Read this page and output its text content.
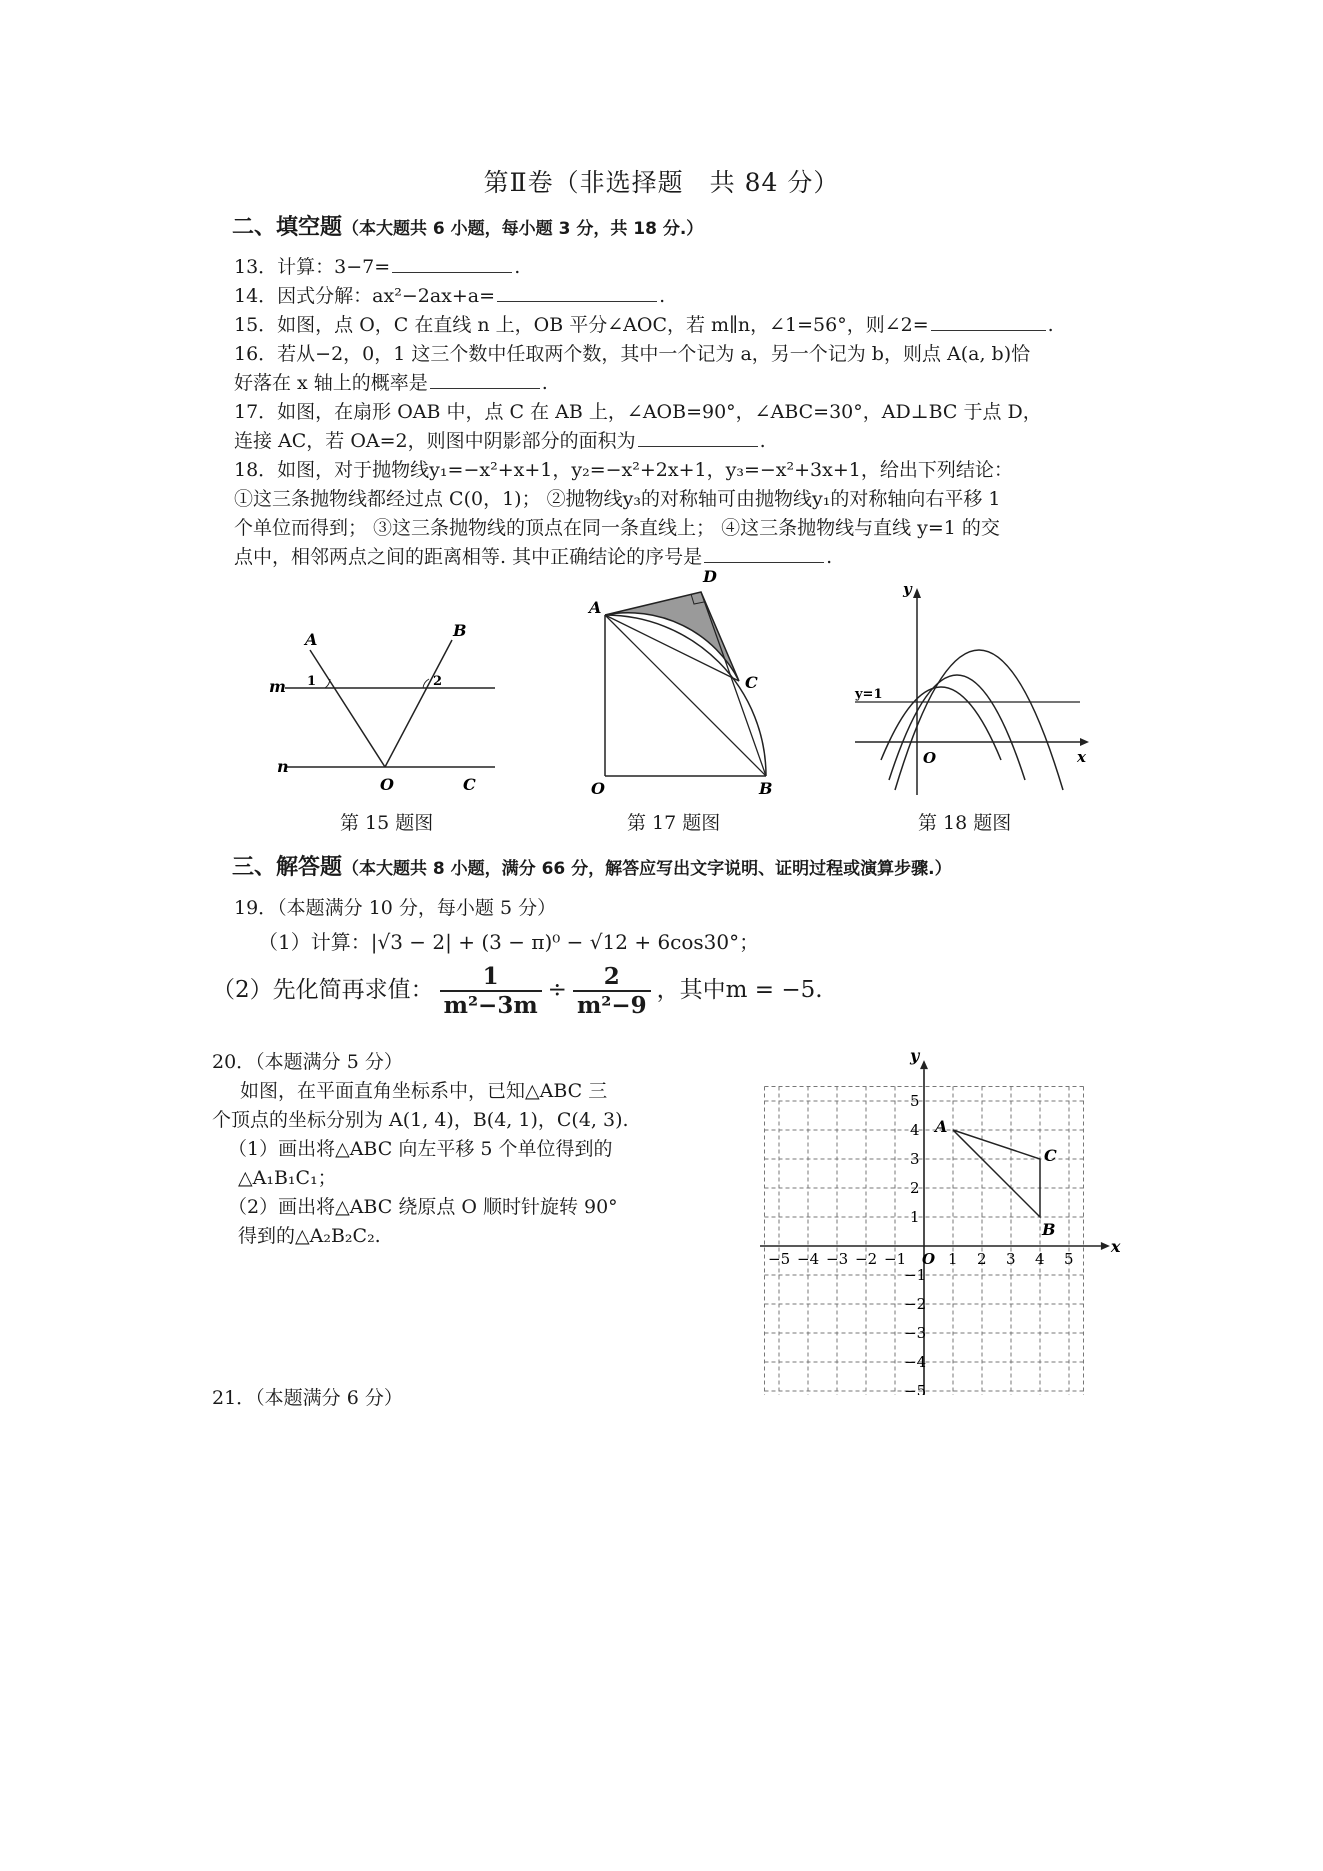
第Ⅱ卷（非选择题　共 84 分）
二、填空题（本大题共 6 小题，每小题 3 分，共 18 分.）
13．计算：3−7=	.
14．因式分解：ax²−2ax+a=	.
15．如图，点 O，C 在直线 n 上，OB 平分∠AOC，若 m∥n，∠1=56°，则∠2=	.
16．若从−2，0，1 这三个数中任取两个数，其中一个记为 a，另一个记为 b，则点 A(a, b)恰
好落在 x 轴上的概率是	.
17．如图，在扇形 OAB 中，点 C 在 AB 上，∠AOB=90°，∠ABC=30°，AD⊥BC 于点 D，
连接 AC，若 OA=2，则图中阴影部分的面积为	.
18．如图，对于抛物线y₁=−x²+x+1，y₂=−x²+2x+1，y₃=−x²+3x+1，给出下列结论：
①这三条抛物线都经过点 C(0，1)； ②抛物线y₃的对称轴可由抛物线y₁的对称轴向右平移 1
个单位而得到； ③这三条抛物线的顶点在同一条直线上； ④这三条抛物线与直线 y=1 的交
点中，相邻两点之间的距离相等. 其中正确结论的序号是	.
A	B
m
n
O	C
1	2
第 15 题图
A
D
C
O	B
第 17 题图
y
x
O
y=1
第 18 题图
三、解答题（本大题共 8 小题，满分 66 分，解答应写出文字说明、证明过程或演算步骤.）
19．（本题满分 10 分，每小题 5 分）
（1）计算：|√3 − 2| + (3 − π)⁰ − √12 + 6cos30°；
（2）先化简再求值： $\frac{1}{\text{m²−3m}} \div \frac{2}{\text{m²−9}}$ ，其中m = −5.
20．（本题满分 5 分）
如图，在平面直角坐标系中，已知△ABC 三
个顶点的坐标分别为 A(1, 4)，B(4, 1)，C(4, 3).
（1）画出将△ABC 向左平移 5 个单位得到的
△A₁B₁C₁；
（2）画出将△ABC 绕原点 O 顺时针旋转 90°
得到的△A₂B₂C₂.	x
y
O
−5 −4 −3 −2 −1	1 2 3 4 5
5
4
3
2
1
−1
−2
−3
−4
−5
A
B
C
21．（本题满分 6 分）
